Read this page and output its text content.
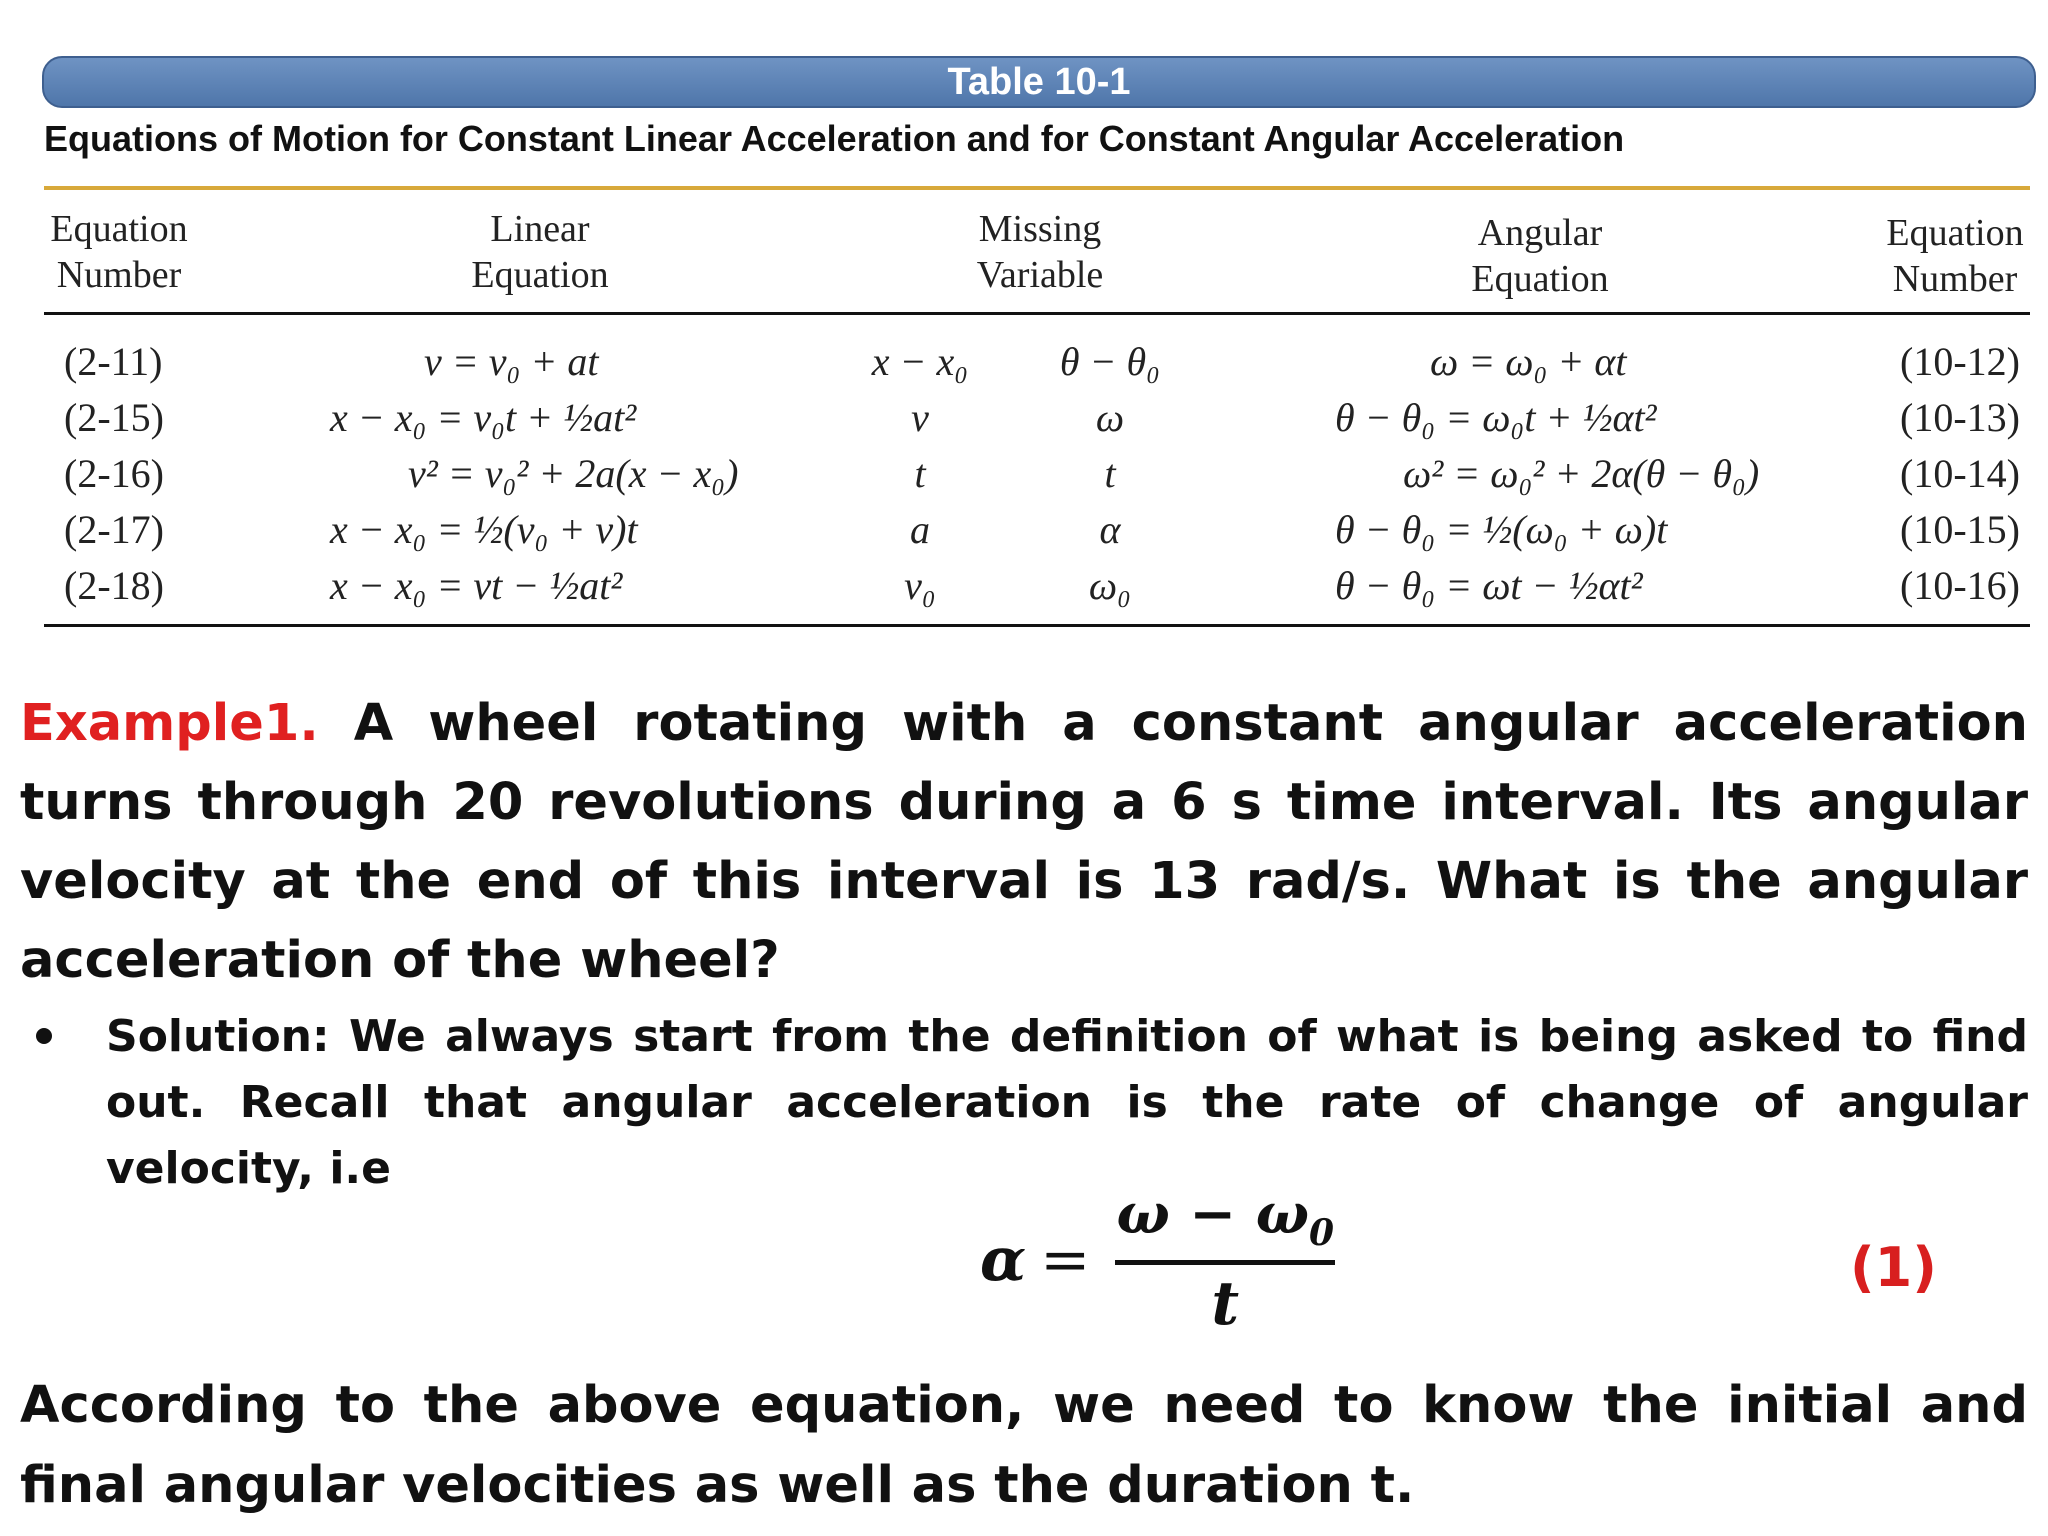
Table 10-1
Equations of Motion for Constant Linear Acceleration and for Constant Angular Acceleration
Equation
Number
Linear
Equation
Missing
Variable
Angular
Equation
Equation
Number
(2-11)
(2-15)
(2-16)
(2-17)
(2-18)
v = v₀ + at
x − x₀ = v₀t + ½at²
v² = v₀² + 2a(x − x₀)
x − x₀ = ½(v₀ + v)t
x − x₀ = vt − ½at²
x − x₀
v
t
a
v₀
θ − θ₀
ω
t
α
ω₀
ω = ω₀ + αt
θ − θ₀ = ω₀t + ½αt²
ω² = ω₀² + 2α(θ − θ₀)
θ − θ₀ = ½(ω₀ + ω)t
θ − θ₀ = ωt − ½αt²
(10-12)
(10-13)
(10-14)
(10-15)
(10-16)
Example1. A wheel rotating with a constant angular acceleration turns through 20 revolutions during a 6 s time interval. Its angular velocity at the end of this interval is 13 rad/s. What is the angular acceleration of the wheel?
Solution: We always start from the definition of what is being asked to find out. Recall that angular acceleration is the rate of change of angular velocity, i.e
α =
$\omega - \omega_0$
t
(1)
According to the above equation, we need to know the initial and final angular velocities as well as the duration t.
